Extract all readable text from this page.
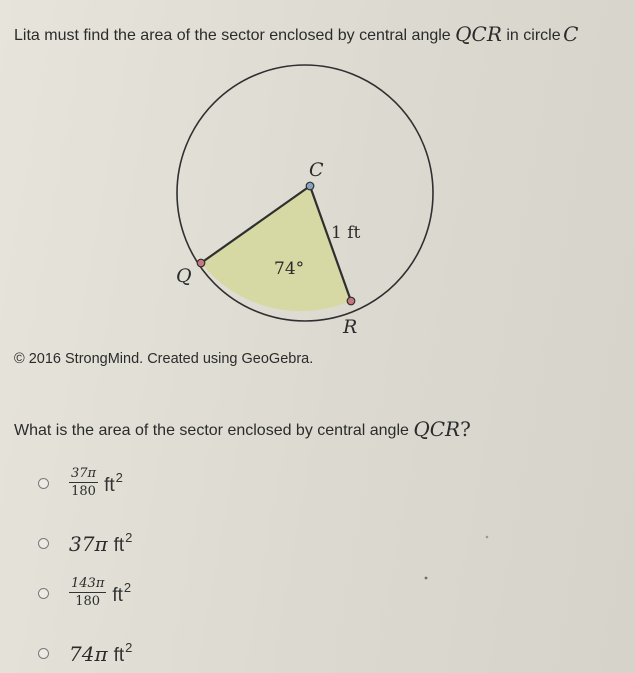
Lita must find the area of the sector enclosed by central angle QCR in circle C
C
Q
R
1 ft
74°
© 2016 StrongMind. Created using GeoGebra.
What is the area of the sector enclosed by central angle QCR?
$\frac{37\pi}{180} ft^2$
37π $ft^2$
$\frac{143\pi}{180} ft^2$
74π $ft^2$
